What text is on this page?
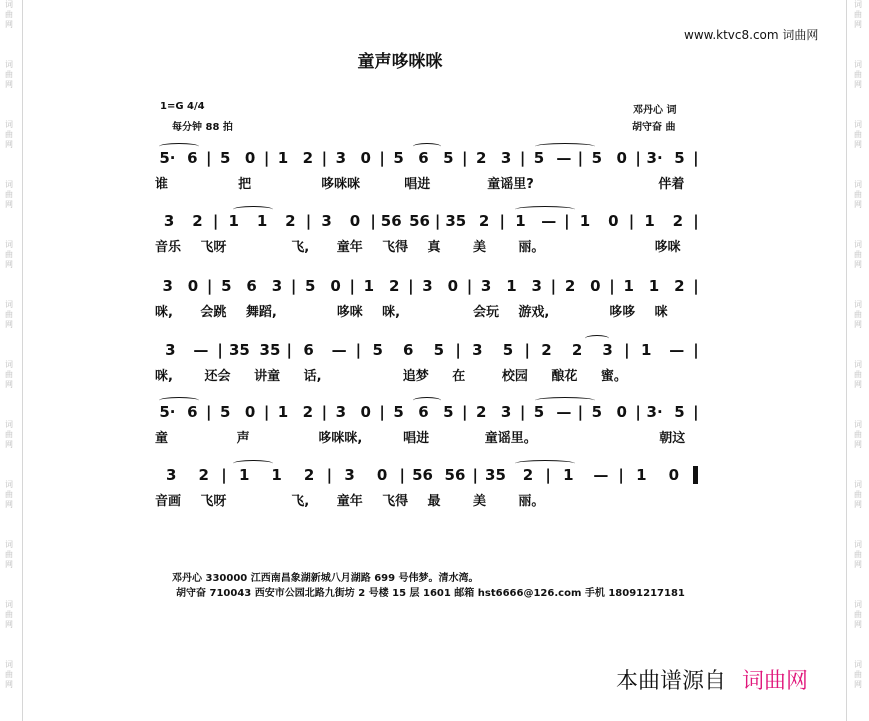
词
曲
网
词
曲
网
词
曲
网
词
曲
网
词
曲
网
词
曲
网
词
曲
网
词
曲
网
词
曲
网
词
曲
网
词
曲
网
词
曲
网
词
曲
网
词
曲
网
词
曲
网
词
曲
网
词
曲
网
词
曲
网
词
曲
网
词
曲
网
词
曲
网
词
曲
网
词
曲
网
词
曲
网
www.ktvc8.com 词曲网
童声哆咪咪
1=G 4/4
每分钟 88 拍
邓丹心 词
胡守奋 曲
5· 6 | 5 0 | 1 2 | 3 0 | 5 6 5 | 2 3 | 5 — | 5 0 | 3· 5 |
谁	把	哆咪咪	唱进	童谣里?	伴着
3	2 | 1	1	2 | 3	0 | 56 56 | 35 2 | 1	— | 1	0 | 1	2 |
音乐	飞呀	飞,	童年	飞得	真	美	丽。	哆咪
3 0 | 5 6 3 | 5 0 | 1 2 | 3 0 | 3 1 3 | 2 0 | 1 1 2 |
咪,	会跳	舞蹈,	哆咪	咪,	会玩	游戏,	哆哆	咪
3	— | 35 35 | 6	— | 5	6	5 | 3	5 | 2	2	3 | 1	— |
咪,	还会	讲童	话,	追梦	在	校园	酿花	蜜。
5· 6 | 5 0 | 1 2 | 3 0 | 5 6 5 | 2 3 | 5 — | 5 0 | 3· 5 |
童	声	哆咪咪,	唱进	童谣里。	朝这
3	2 | 1	1	2 | 3	0 | 56 56 | 35	2 | 1	— | 1	0
音画	飞呀	飞,	童年	飞得	最	美	丽。
邓丹心 330000 江西南昌象湖新城八月湖路 699 号伟梦。清水湾。
胡守奋 710043 西安市公园北路九街坊 2 号楼 15 层 1601 邮箱 hst6666@126.com 手机 18091217181
本曲谱源自 词曲网
